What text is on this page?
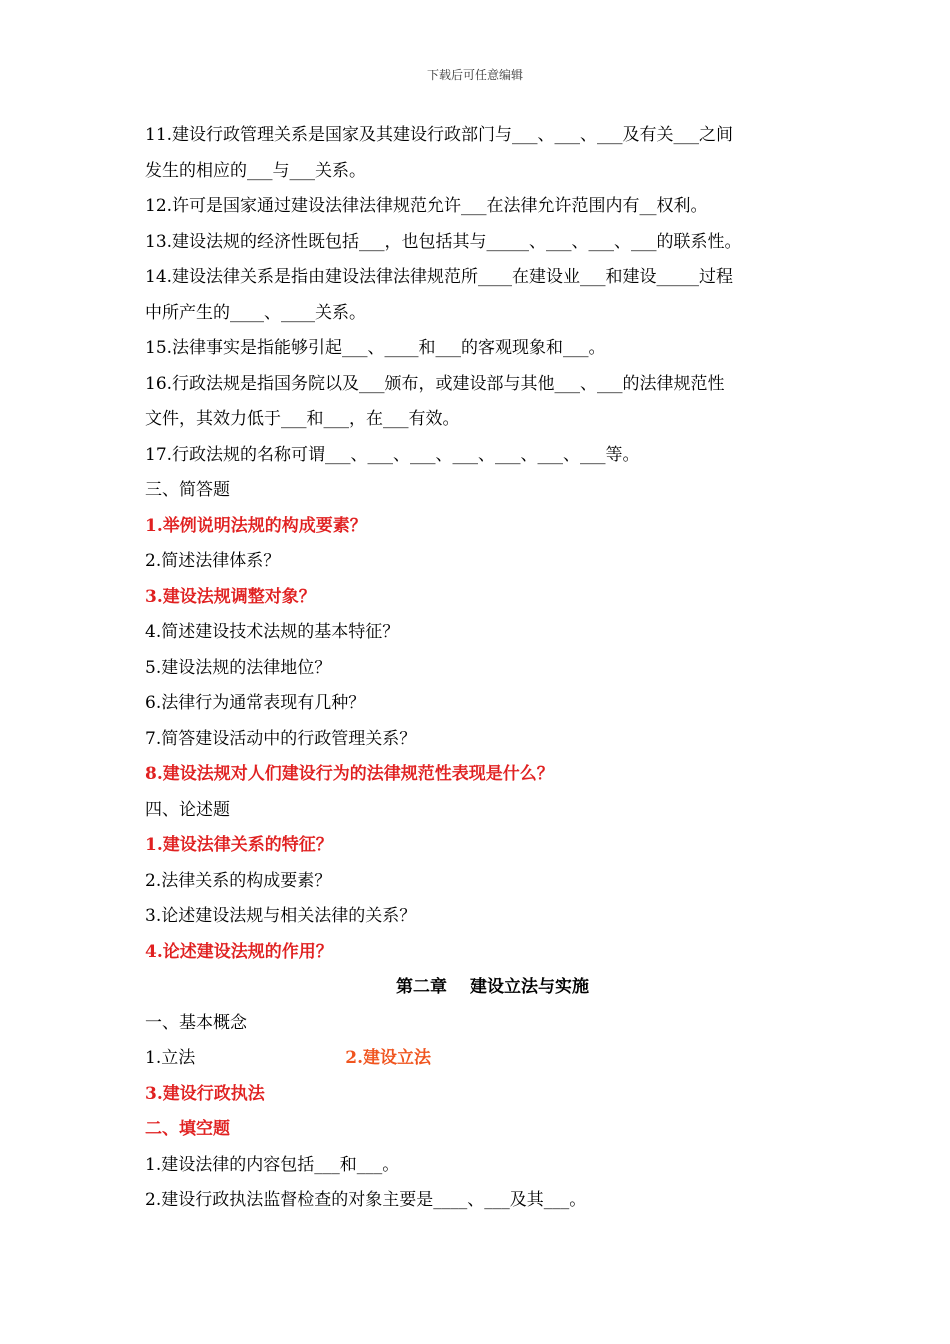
下载后可任意编辑
11.建设行政管理关系是国家及其建设行政部门与___、___、___及有关___之间
发生的相应的___与___关系。
12.许可是国家通过建设法律法律规范允许___在法律允许范围内有__权利。
13.建设法规的经济性既包括___，也包括其与_____、___、___、___的联系性。
14.建设法律关系是指由建设法律法律规范所____在建设业___和建设_____过程
中所产生的____、____关系。
15.法律事实是指能够引起___、____和___的客观现象和___。
16.行政法规是指国务院以及___颁布，或建设部与其他___、___的法律规范性
文件，其效力低于___和___，在___有效。
17.行政法规的名称可谓___、___、___、___、___、___、___等。
三、简答题
1.举例说明法规的构成要素？
2.简述法律体系？
3.建设法规调整对象？
4.简述建设技术法规的基本特征？
5.建设法规的法律地位？
6.法律行为通常表现有几种？
7.简答建设活动中的行政管理关系？
8.建设法规对人们建设行为的法律规范性表现是什么？
四、论述题
1.建设法律关系的特征？
2.法律关系的构成要素？
3.论述建设法规与相关法律的关系？
4.论述建设法规的作用？
第二章　 建设立法与实施
一、基本概念
1.立法	2.建设立法
3.建设行政执法
二、填空题
1.建设法律的内容包括___和___。
2.建设行政执法监督检查的对象主要是____、___及其___。
